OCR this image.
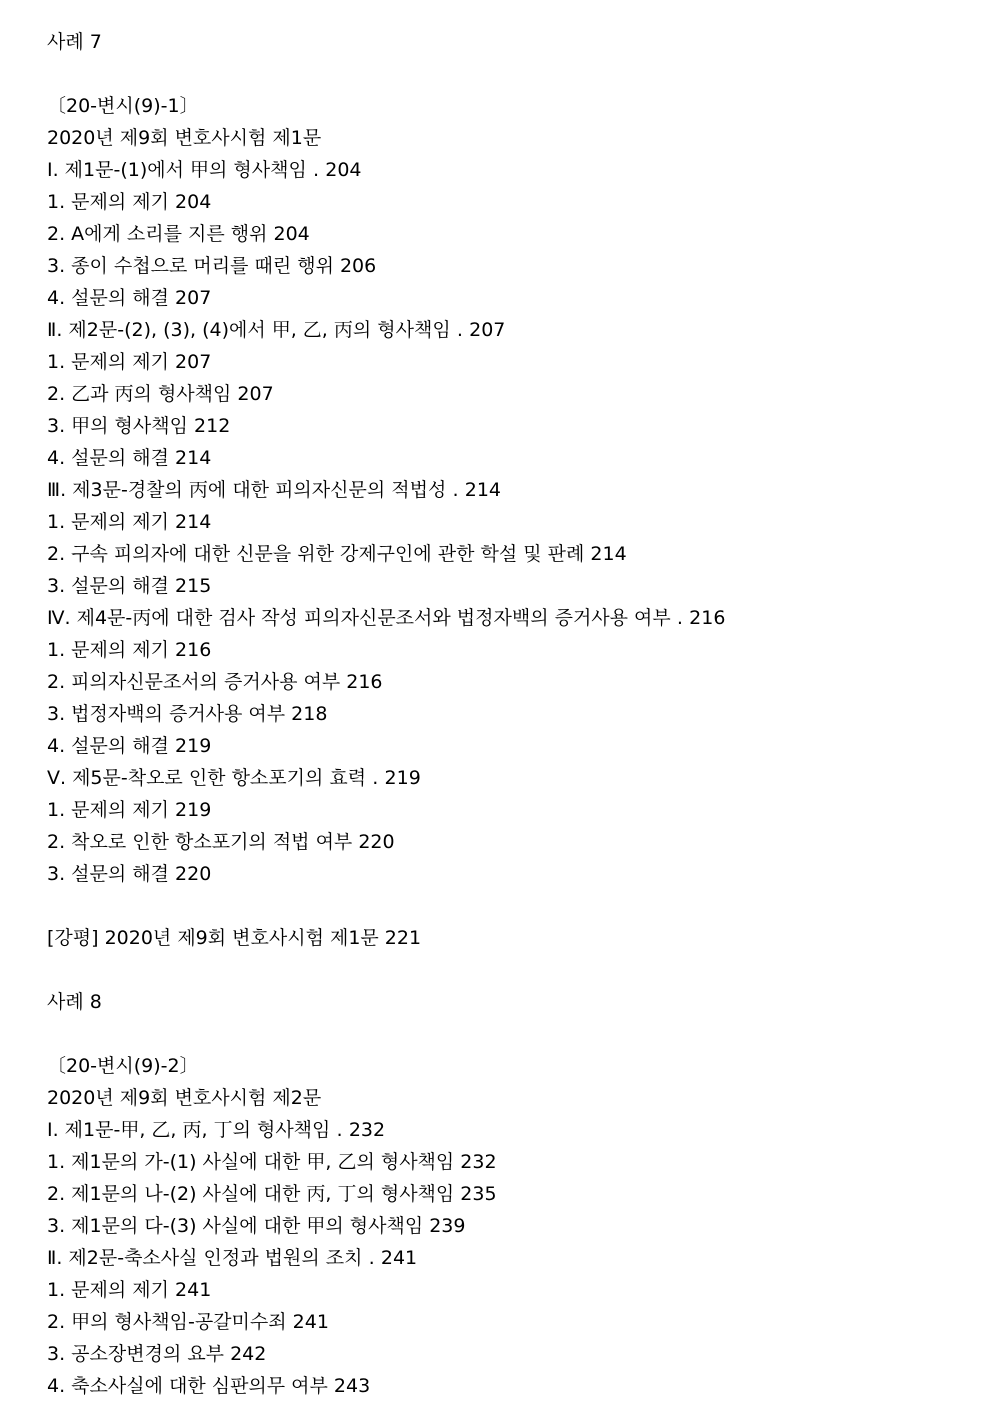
사례 7
〔20-변시(9)-1〕
2020년 제9회 변호사시험 제1문
Ⅰ. 제1문-(1)에서 甲의 형사책임 ․ 204
1. 문제의 제기 204
2. A에게 소리를 지른 행위 204
3. 종이 수첩으로 머리를 때린 행위 206
4. 설문의 해결 207
Ⅱ. 제2문-(2), (3), (4)에서 甲, 乙, 丙의 형사책임 ․ 207
1. 문제의 제기 207
2. 乙과 丙의 형사책임 207
3. 甲의 형사책임 212
4. 설문의 해결 214
Ⅲ. 제3문-경찰의 丙에 대한 피의자신문의 적법성 ․ 214
1. 문제의 제기 214
2. 구속 피의자에 대한 신문을 위한 강제구인에 관한 학설 및 판례 214
3. 설문의 해결 215
Ⅳ. 제4문-丙에 대한 검사 작성 피의자신문조서와 법정자백의 증거사용 여부 ․ 216
1. 문제의 제기 216
2. 피의자신문조서의 증거사용 여부 216
3. 법정자백의 증거사용 여부 218
4. 설문의 해결 219
Ⅴ. 제5문-착오로 인한 항소포기의 효력 ․ 219
1. 문제의 제기 219
2. 착오로 인한 항소포기의 적법 여부 220
3. 설문의 해결 220
[강평] 2020년 제9회 변호사시험 제1문 221
사례 8
〔20-변시(9)-2〕
2020년 제9회 변호사시험 제2문
Ⅰ. 제1문-甲, 乙, 丙, 丁의 형사책임 ․ 232
1. 제1문의 가-(1) 사실에 대한 甲, 乙의 형사책임 232
2. 제1문의 나-(2) 사실에 대한 丙, 丁의 형사책임 235
3. 제1문의 다-(3) 사실에 대한 甲의 형사책임 239
Ⅱ. 제2문-축소사실 인정과 법원의 조치 ․ 241
1. 문제의 제기 241
2. 甲의 형사책임-공갈미수죄 241
3. 공소장변경의 요부 242
4. 축소사실에 대한 심판의무 여부 243
